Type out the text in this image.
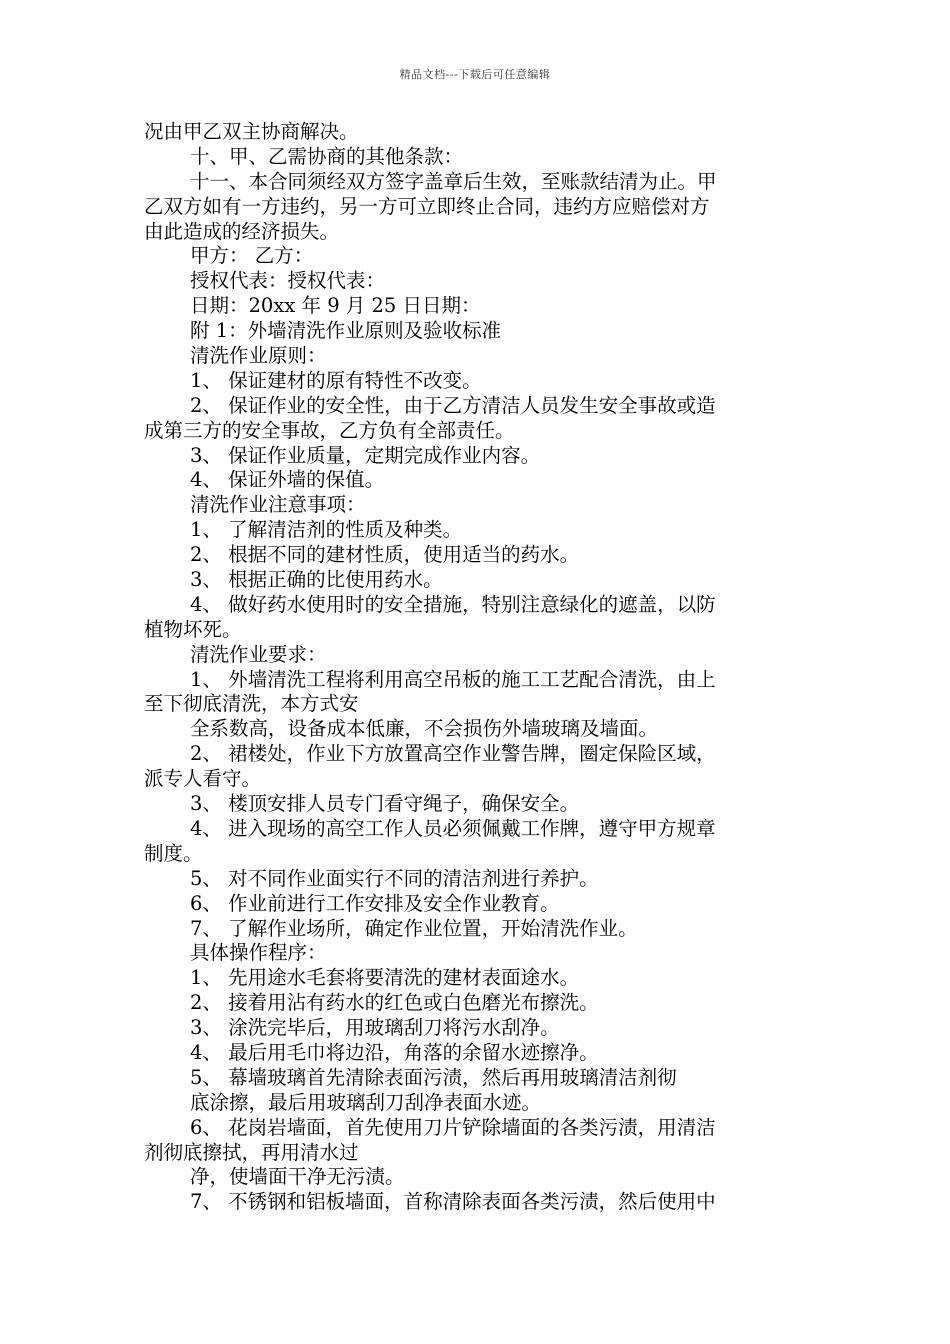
精品文档---下载后可任意编辑
况由甲乙双主协商解决。
十、甲、乙需协商的其他条款：
十一、本合同须经双方签字盖章后生效，至账款结清为止。甲
乙双方如有一方违约，另一方可立即终止合同，违约方应赔偿对方
由此造成的经济损失。
甲方： 乙方：
授权代表：授权代表：
日期：20xx 年 9 月 25 日日期：
附 1：外墙清洗作业原则及验收标准
清洗作业原则：
1、 保证建材的原有特性不改变。
2、 保证作业的安全性，由于乙方清洁人员发生安全事故或造
成第三方的安全事故，乙方负有全部责任。
3、 保证作业质量，定期完成作业内容。
4、 保证外墙的保值。
清洗作业注意事项：
1、 了解清洁剂的性质及种类。
2、 根据不同的建材性质，使用适当的药水。
3、 根据正确的比使用药水。
4、 做好药水使用时的安全措施，特别注意绿化的遮盖，以防
植物坏死。
清洗作业要求：
1、 外墙清洗工程将利用高空吊板的施工工艺配合清洗，由上
至下彻底清洗，本方式安
全系数高，设备成本低廉，不会损伤外墙玻璃及墙面。
2、 裙楼处，作业下方放置高空作业警告牌，圈定保险区域，
派专人看守。
3、 楼顶安排人员专门看守绳子，确保安全。
4、 进入现场的高空工作人员必须佩戴工作牌，遵守甲方规章
制度。
5、 对不同作业面实行不同的清洁剂进行养护。
6、 作业前进行工作安排及安全作业教育。
7、 了解作业场所，确定作业位置，开始清洗作业。
具体操作程序：
1、 先用途水毛套将要清洗的建材表面途水。
2、 接着用沾有药水的红色或白色磨光布擦洗。
3、 涂洗完毕后，用玻璃刮刀将污水刮净。
4、 最后用毛巾将边沿，角落的余留水迹擦净。
5、 幕墙玻璃首先清除表面污渍，然后再用玻璃清洁剂彻
底涂擦，最后用玻璃刮刀刮净表面水迹。
6、 花岗岩墙面，首先使用刀片铲除墙面的各类污渍，用清洁
剂彻底擦拭，再用清水过
净，使墙面干净无污渍。
7、 不锈钢和铝板墙面，首称清除表面各类污渍，然后使用中
